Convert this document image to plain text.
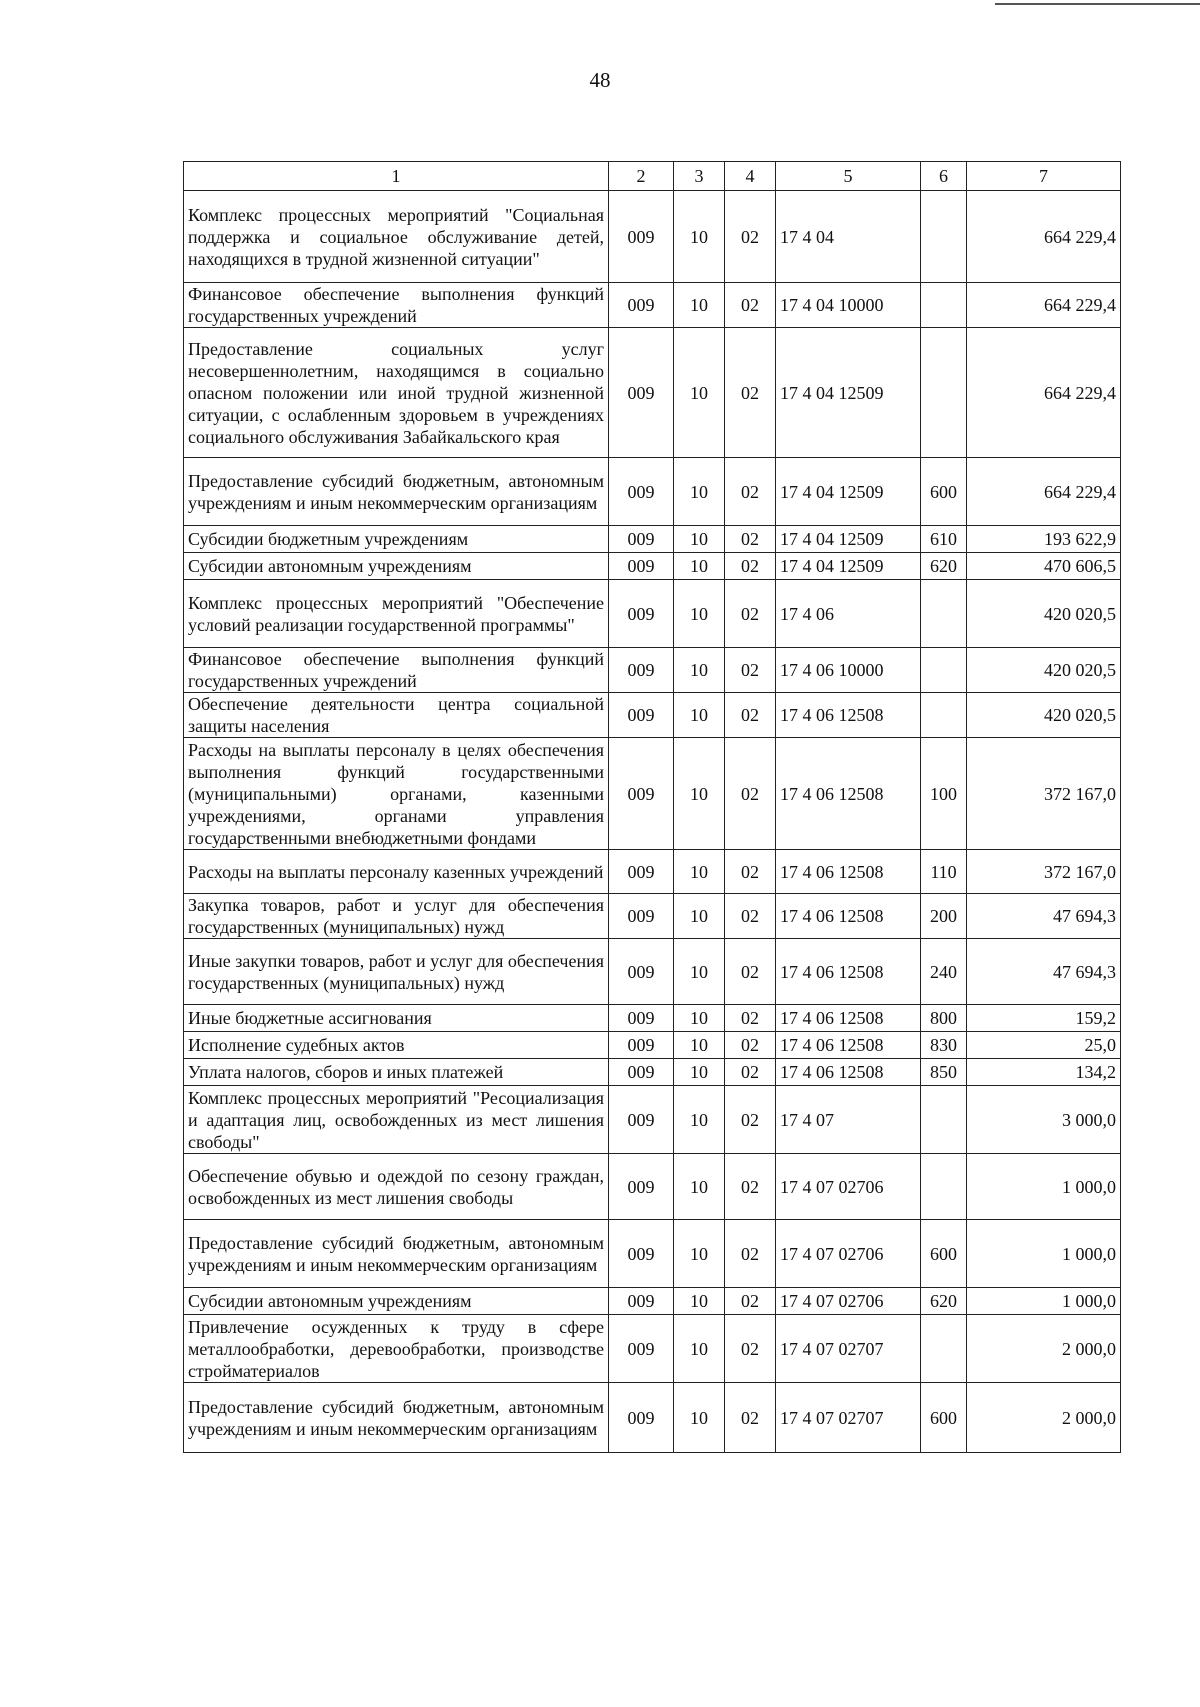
48
1	2	3	4	5	6	7
Комплекс процессных мероприятий "Социальная поддержка и социальное обслуживание детей, находящихся в трудной жизненной ситуации"	009	10	02	17 4 04		664 229,4
Финансовое обеспечение выполнения функций государственных учреждений	009	10	02	17 4 04 10000		664 229,4
Предоставление социальных услуг несовершеннолетним, находящимся в социально опасном положении или иной трудной жизненной ситуации, с ослабленным здоровьем в учреждениях социального обслуживания Забайкальского края	009	10	02	17 4 04 12509		664 229,4
Предоставление субсидий бюджетным, автономным учреждениям и иным некоммерческим организациям	009	10	02	17 4 04 12509	600	664 229,4
Субсидии бюджетным учреждениям	009	10	02	17 4 04 12509	610	193 622,9
Субсидии автономным учреждениям	009	10	02	17 4 04 12509	620	470 606,5
Комплекс процессных мероприятий "Обеспечение условий реализации государственной программы"	009	10	02	17 4 06		420 020,5
Финансовое обеспечение выполнения функций государственных учреждений	009	10	02	17 4 06 10000		420 020,5
Обеспечение деятельности центра социальной защиты населения	009	10	02	17 4 06 12508		420 020,5
Расходы на выплаты персоналу в целях обеспечения выполнения функций государственными (муниципальными) органами, казенными учреждениями, органами управления государственными внебюджетными фондами	009	10	02	17 4 06 12508	100	372 167,0
Расходы на выплаты персоналу казенных учреждений	009	10	02	17 4 06 12508	110	372 167,0
Закупка товаров, работ и услуг для обеспечения государственных (муниципальных) нужд	009	10	02	17 4 06 12508	200	47 694,3
Иные закупки товаров, работ и услуг для обеспечения государственных (муниципальных) нужд	009	10	02	17 4 06 12508	240	47 694,3
Иные бюджетные ассигнования	009	10	02	17 4 06 12508	800	159,2
Исполнение судебных актов	009	10	02	17 4 06 12508	830	25,0
Уплата налогов, сборов и иных платежей	009	10	02	17 4 06 12508	850	134,2
Комплекс процессных мероприятий "Ресоциализация и адаптация лиц, освобожденных из мест лишения свободы"	009	10	02	17 4 07		3 000,0
Обеспечение обувью и одеждой по сезону граждан, освобожденных из мест лишения свободы	009	10	02	17 4 07 02706		1 000,0
Предоставление субсидий бюджетным, автономным учреждениям и иным некоммерческим организациям	009	10	02	17 4 07 02706	600	1 000,0
Субсидии автономным учреждениям	009	10	02	17 4 07 02706	620	1 000,0
Привлечение осужденных к труду в сфере металлообработки, деревообработки, производстве стройматериалов	009	10	02	17 4 07 02707		2 000,0
Предоставление субсидий бюджетным, автономным учреждениям и иным некоммерческим организациям	009	10	02	17 4 07 02707	600	2 000,0
